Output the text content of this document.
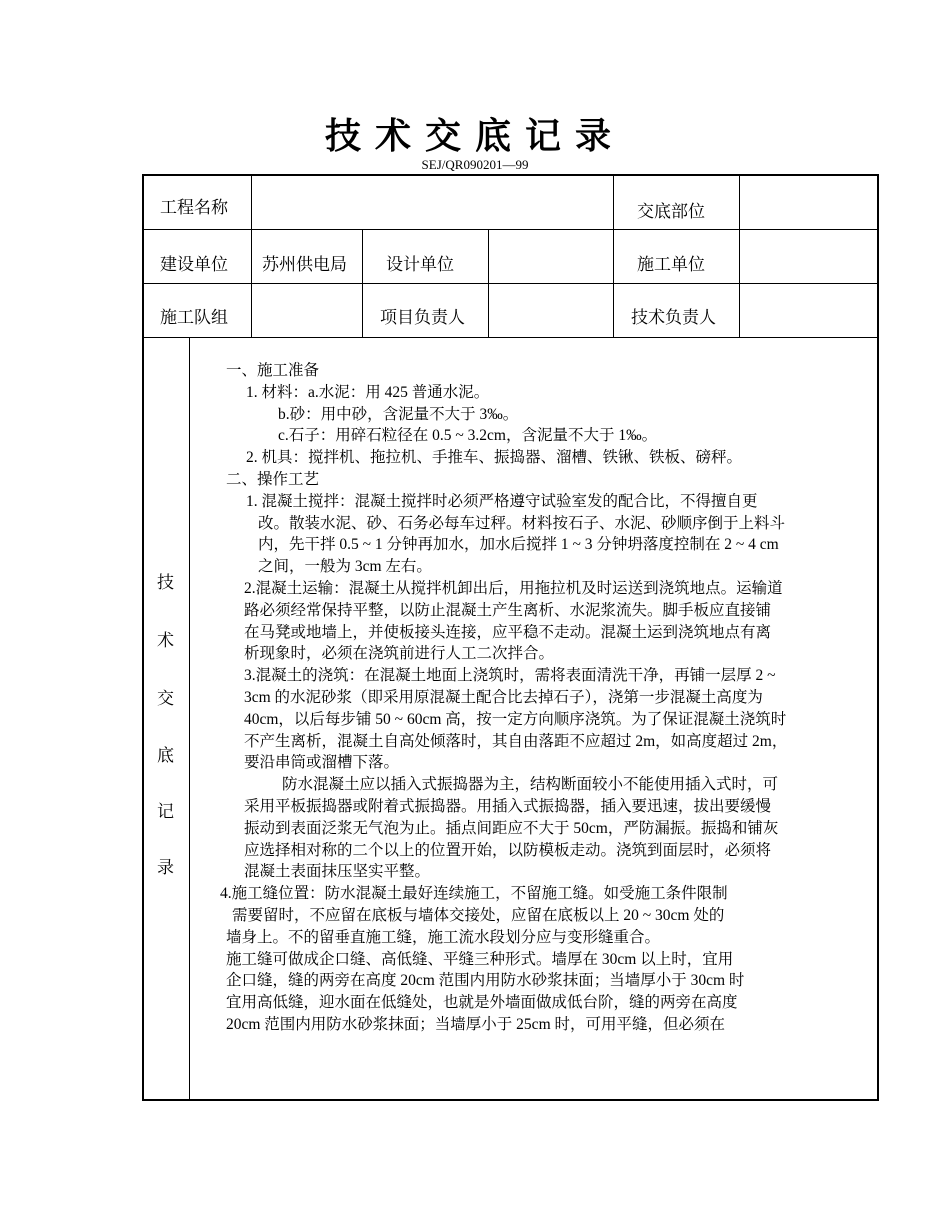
技术交底记录
SEJ/QR090201—99
工程名称	交底部位
建设单位 苏州供电局 设计单位	施工单位
施工队组	项目负责人	技术负责人
技
术
交
底
记
录

一、施工准备

1. 材料：a.水泥：用 425 普通水泥。

b.砂：用中砂，含泥量不大于 3‰。

c.石子：用碎石粒径在 0.5 ~ 3.2cm，含泥量不大于 1‰。

2. 机具：搅拌机、拖拉机、手推车、振捣器、溜槽、铁锹、铁板、磅秤。

二、操作工艺

1. 混凝土搅拌：混凝土搅拌时必须严格遵守试验室发的配合比，不得擅自更

改。散装水泥、砂、石务必每车过秤。材料按石子、水泥、砂顺序倒于上料斗

内，先干拌 0.5 ~ 1 分钟再加水，加水后搅拌 1 ~ 3 分钟坍落度控制在 2 ~ 4 cm

之间，一般为 3cm 左右。

2.混凝土运输：混凝土从搅拌机卸出后，用拖拉机及时运送到浇筑地点。运输道

路必须经常保持平整，以防止混凝土产生离析、水泥浆流失。脚手板应直接铺

在马凳或地墙上，并使板接头连接，应平稳不走动。混凝土运到浇筑地点有离

析现象时，必须在浇筑前进行人工二次拌合。

3.混凝土的浇筑：在混凝土地面上浇筑时，需将表面清洗干净，再铺一层厚 2 ~

3cm 的水泥砂浆（即采用原混凝土配合比去掉石子），浇第一步混凝土高度为

40cm，以后每步铺 50 ~ 60cm 高，按一定方向顺序浇筑。为了保证混凝土浇筑时

不产生离析，混凝土自高处倾落时，其自由落距不应超过 2m，如高度超过 2m，

要沿串筒或溜槽下落。

防水混凝土应以插入式振捣器为主，结构断面较小不能使用插入式时，可

采用平板振捣器或附着式振捣器。用插入式振捣器，插入要迅速，拔出要缓慢

振动到表面泛浆无气泡为止。插点间距应不大于 50cm，严防漏振。振捣和铺灰

应选择相对称的二个以上的位置开始，以防模板走动。浇筑到面层时，必须将

混凝土表面抹压坚实平整。

4.施工缝位置：防水混凝土最好连续施工，不留施工缝。如受施工条件限制

需要留时，不应留在底板与墙体交接处，应留在底板以上 20 ~ 30cm 处的

墙身上。不的留垂直施工缝，施工流水段划分应与变形缝重合。

施工缝可做成企口缝、高低缝、平缝三种形式。墙厚在 30cm 以上时，宜用

企口缝，缝的两旁在高度 20cm 范围内用防水砂浆抹面；当墙厚小于 30cm 时

宜用高低缝，迎水面在低缝处，也就是外墙面做成低台阶，缝的两旁在高度

20cm 范围内用防水砂浆抹面；当墙厚小于 25cm 时，可用平缝，但必须在
